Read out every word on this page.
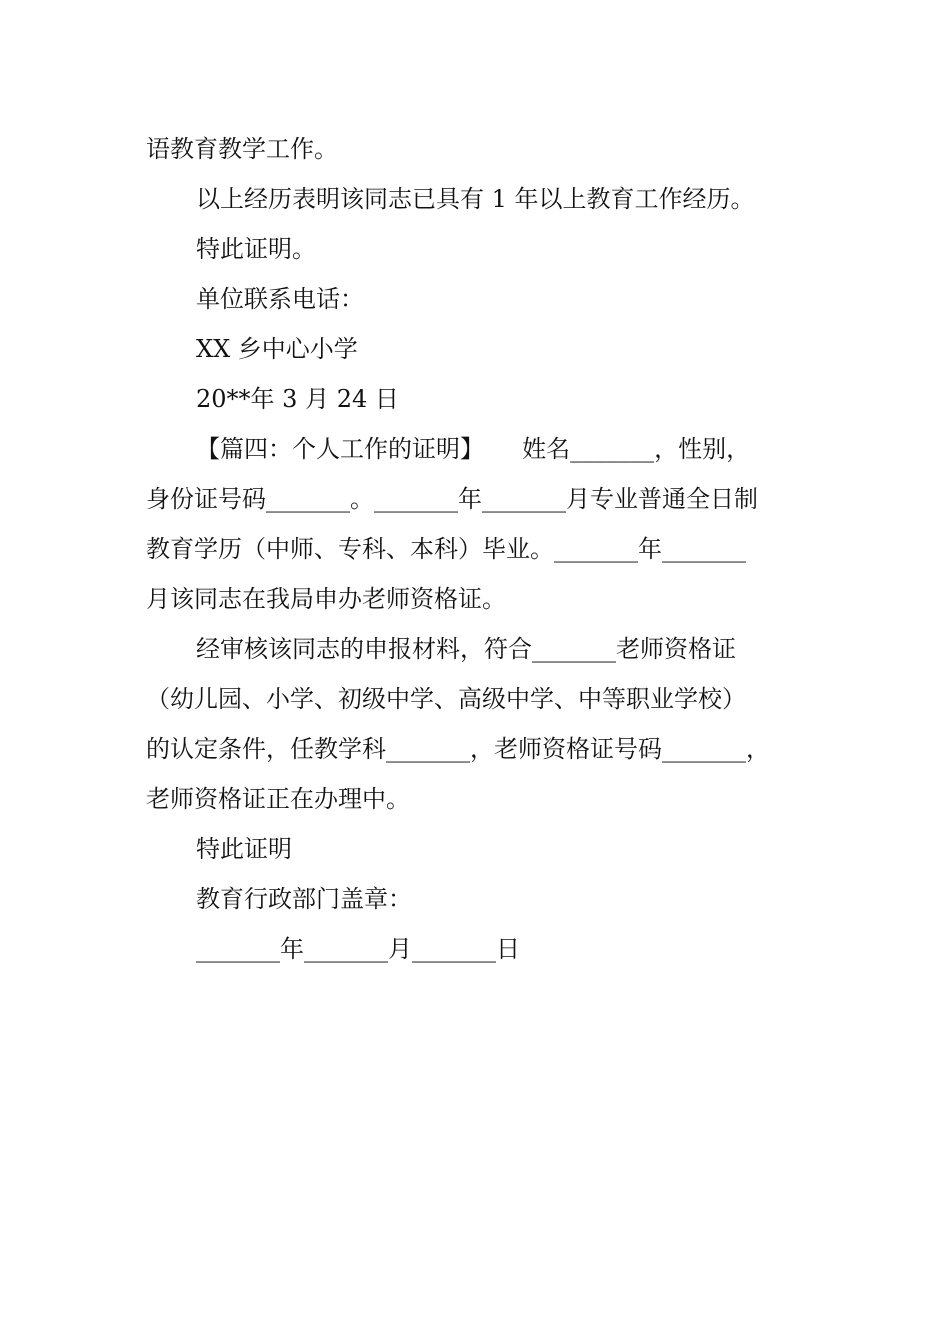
语教育教学工作。
以上经历表明该同志已具有 1 年以上教育工作经历。
特此证明。
单位联系电话：
XX 乡中心小学
20**年 3 月 24 日
【篇四：个人工作的证明】     姓名_______，性别，
身份证号码_______。_______年_______月专业普通全日制
教育学历（中师、专科、本科）毕业。_______年_______
月该同志在我局申办老师资格证。
经审核该同志的申报材料，符合_______老师资格证
（幼儿园、小学、初级中学、高级中学、中等职业学校）
的认定条件，任教学科_______，老师资格证号码_______，
老师资格证正在办理中。
特此证明
教育行政部门盖章：
_______年_______月_______日
